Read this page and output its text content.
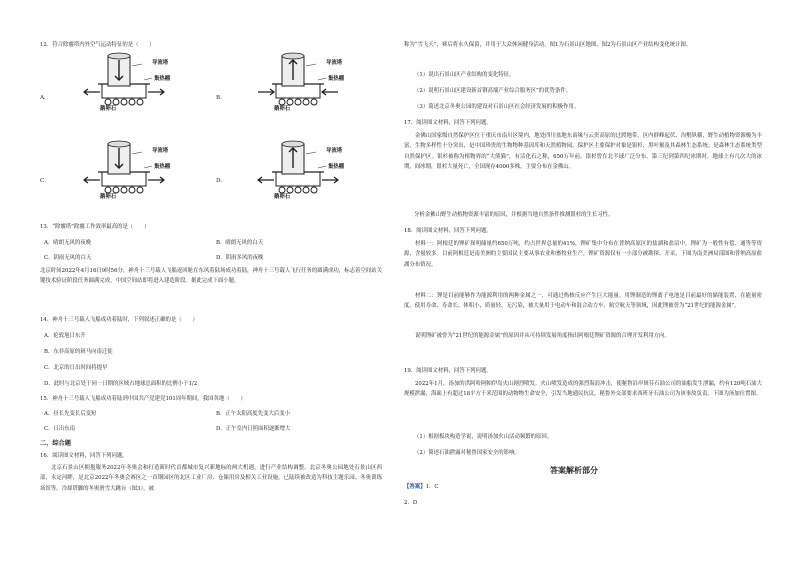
12．符合除霾塔内外空气运动特征的是（　　）
A．
导流塔
集热棚
鹅卵石
B．
导流塔
集热棚
鹅卵石
C．
导流塔
集热棚
鹅卵石
D．
导流塔
集热棚
鹅卵石
13．“除霾塔”除霾工作效率最高的是（　　）
A．晴朗无风的夜晚	B．晴朗无风的白天
C．阴雨无风的白天	D．阴雨多风的夜晚
北京时间2022年4月16日9时56分，神舟十三号载人飞船返回舱在东风着陆场成功着陆，神舟十三号载人飞行任务的圆满成功，标志着空间站关键技术验证阶段任务圆满完成，中国空间站即将进入建造阶段。据此完成下面小题。
14．神舟十三号载人飞船成功着陆时，下列叙述正确的是（　　）
A．伦敦旭日东升
B．东非高原的斑马向南迁徙
C．北京的日出时间将提早
D．此时与北京处于同一日期的区域占地球总面积的比例小于1/2
15．神舟十三号载人飞船成功着陆到中国共产党建党101周年期间，我国各地（　　）
A．昼长先变长后变短	B．正午太阳高度先变大后变小
C．日出东南	D．正午室内日照面积逐渐增大
二、综合题
16．阅读图文材料，回答下列问题。
北京石景山区拥抱服务2022年冬奥会和打造新时代首都城市复兴新地标的两大机遇，进行产业结构调整。北京冬奥公园地处石景山区西部，永定河畔，是北京2022年冬奥会赛区之一首钢园区的北区工业厂房、仓储用房及相关工业设施，已陆续被改造为科技主题乐园、冬奥训练场馆等，冷却塔脚的冬奥滑雪大跳台（图3），被
称为“雪飞天”，赛后将永久保留，并用于大众休闲健身活动。图1为石景山区地图，图2为石景山区产业结构变化统计图。
（1）说出石景山区产业结构的变化特征。
（2）说明石景山区建设新首钢高端产业综合服务区”的优势条件。
（3）简述北京冬奥公园的建设对石景山区社会经济发展的积极作用。
17．阅读图文材料，回答下列问题。
金佛山国家级自然保护区位于重庆市南川区境内，地处四川盆地东南缘与云贵高原的过渡地带，区内群峰起伏、沟壑纵横，野生动植物资源极为丰富，生物多样性十分突出，是中国珍贵的生物物种基因库和天然植物园。保护区主要保护对象是银杉、黑叶猴及其森林生态系统；是森林生态系统类型自然保护区。银杉被称为植物界的“大熊猫”，有活化石之称，650万年前，银杉曾在北半球广泛分布。第三纪到第四纪冰期时，地球上有几次大的冰期，间冰期，银杉大量死亡，全国现存4000多株，主要分布在金佛山。
分析金佛山野生动植物资源丰富的原因，并根据当地自然条件推测银杉的生长习性。
18．阅读图文材料，回答下列问题。
材料一：阿根廷的锂矿探明储量约650万吨，约占世界总量的41%，锂矿集中分布在普纳高原区的盐湖和盐沼中，锂矿为一般性有偿、通等等资源，含量较多。目前阿根廷是南美洲的主要国民主要从事农业和畜牧业生产，锂矿资源仅有一小部分被勘探、开采。下图为南美洲局部图和普纳高原盐湖分布情况。
材料二：锂是目前能够作为能源利用的两种金属之一，可通过热核反应产生巨大能量。用锂制造的锂离子电池是目前最好的储能装置，在能量密度、使用寿命、寿命长、体积小、质量轻、无污染，被大量用于电动车和混合动力车、航空航天等领域，因此锂被誉为“21世纪的能源金属”。
说明锂矿被誉为“21世纪的能源金属”的原因并从可持续发展角度指出阿根廷锂矿资源的合理开发利用方向。
19．阅读图文材料，回答下列问题。
2022年1月，汤加的洪阿哈阿帕伊岛火山剧烈喷发。火山喷发造成的强烈海浪冲击，使秘鲁沿岸斑芬石油公司的油船发生泄漏，约有120吨石油大规模泄漏，海面上有超过18平方千米范围的动物物生命安全，引发当地通民抗议，秘鲁外交部要求西班牙石油公司为该事故负责。下图为汤加位置图。
（1）根据板块构造学说，说明汤加火山活动频繁的原因。
（2）简述石油泄露对秘鲁国家安全的影响。
答案解析部分
【答案】1．C
2．D
